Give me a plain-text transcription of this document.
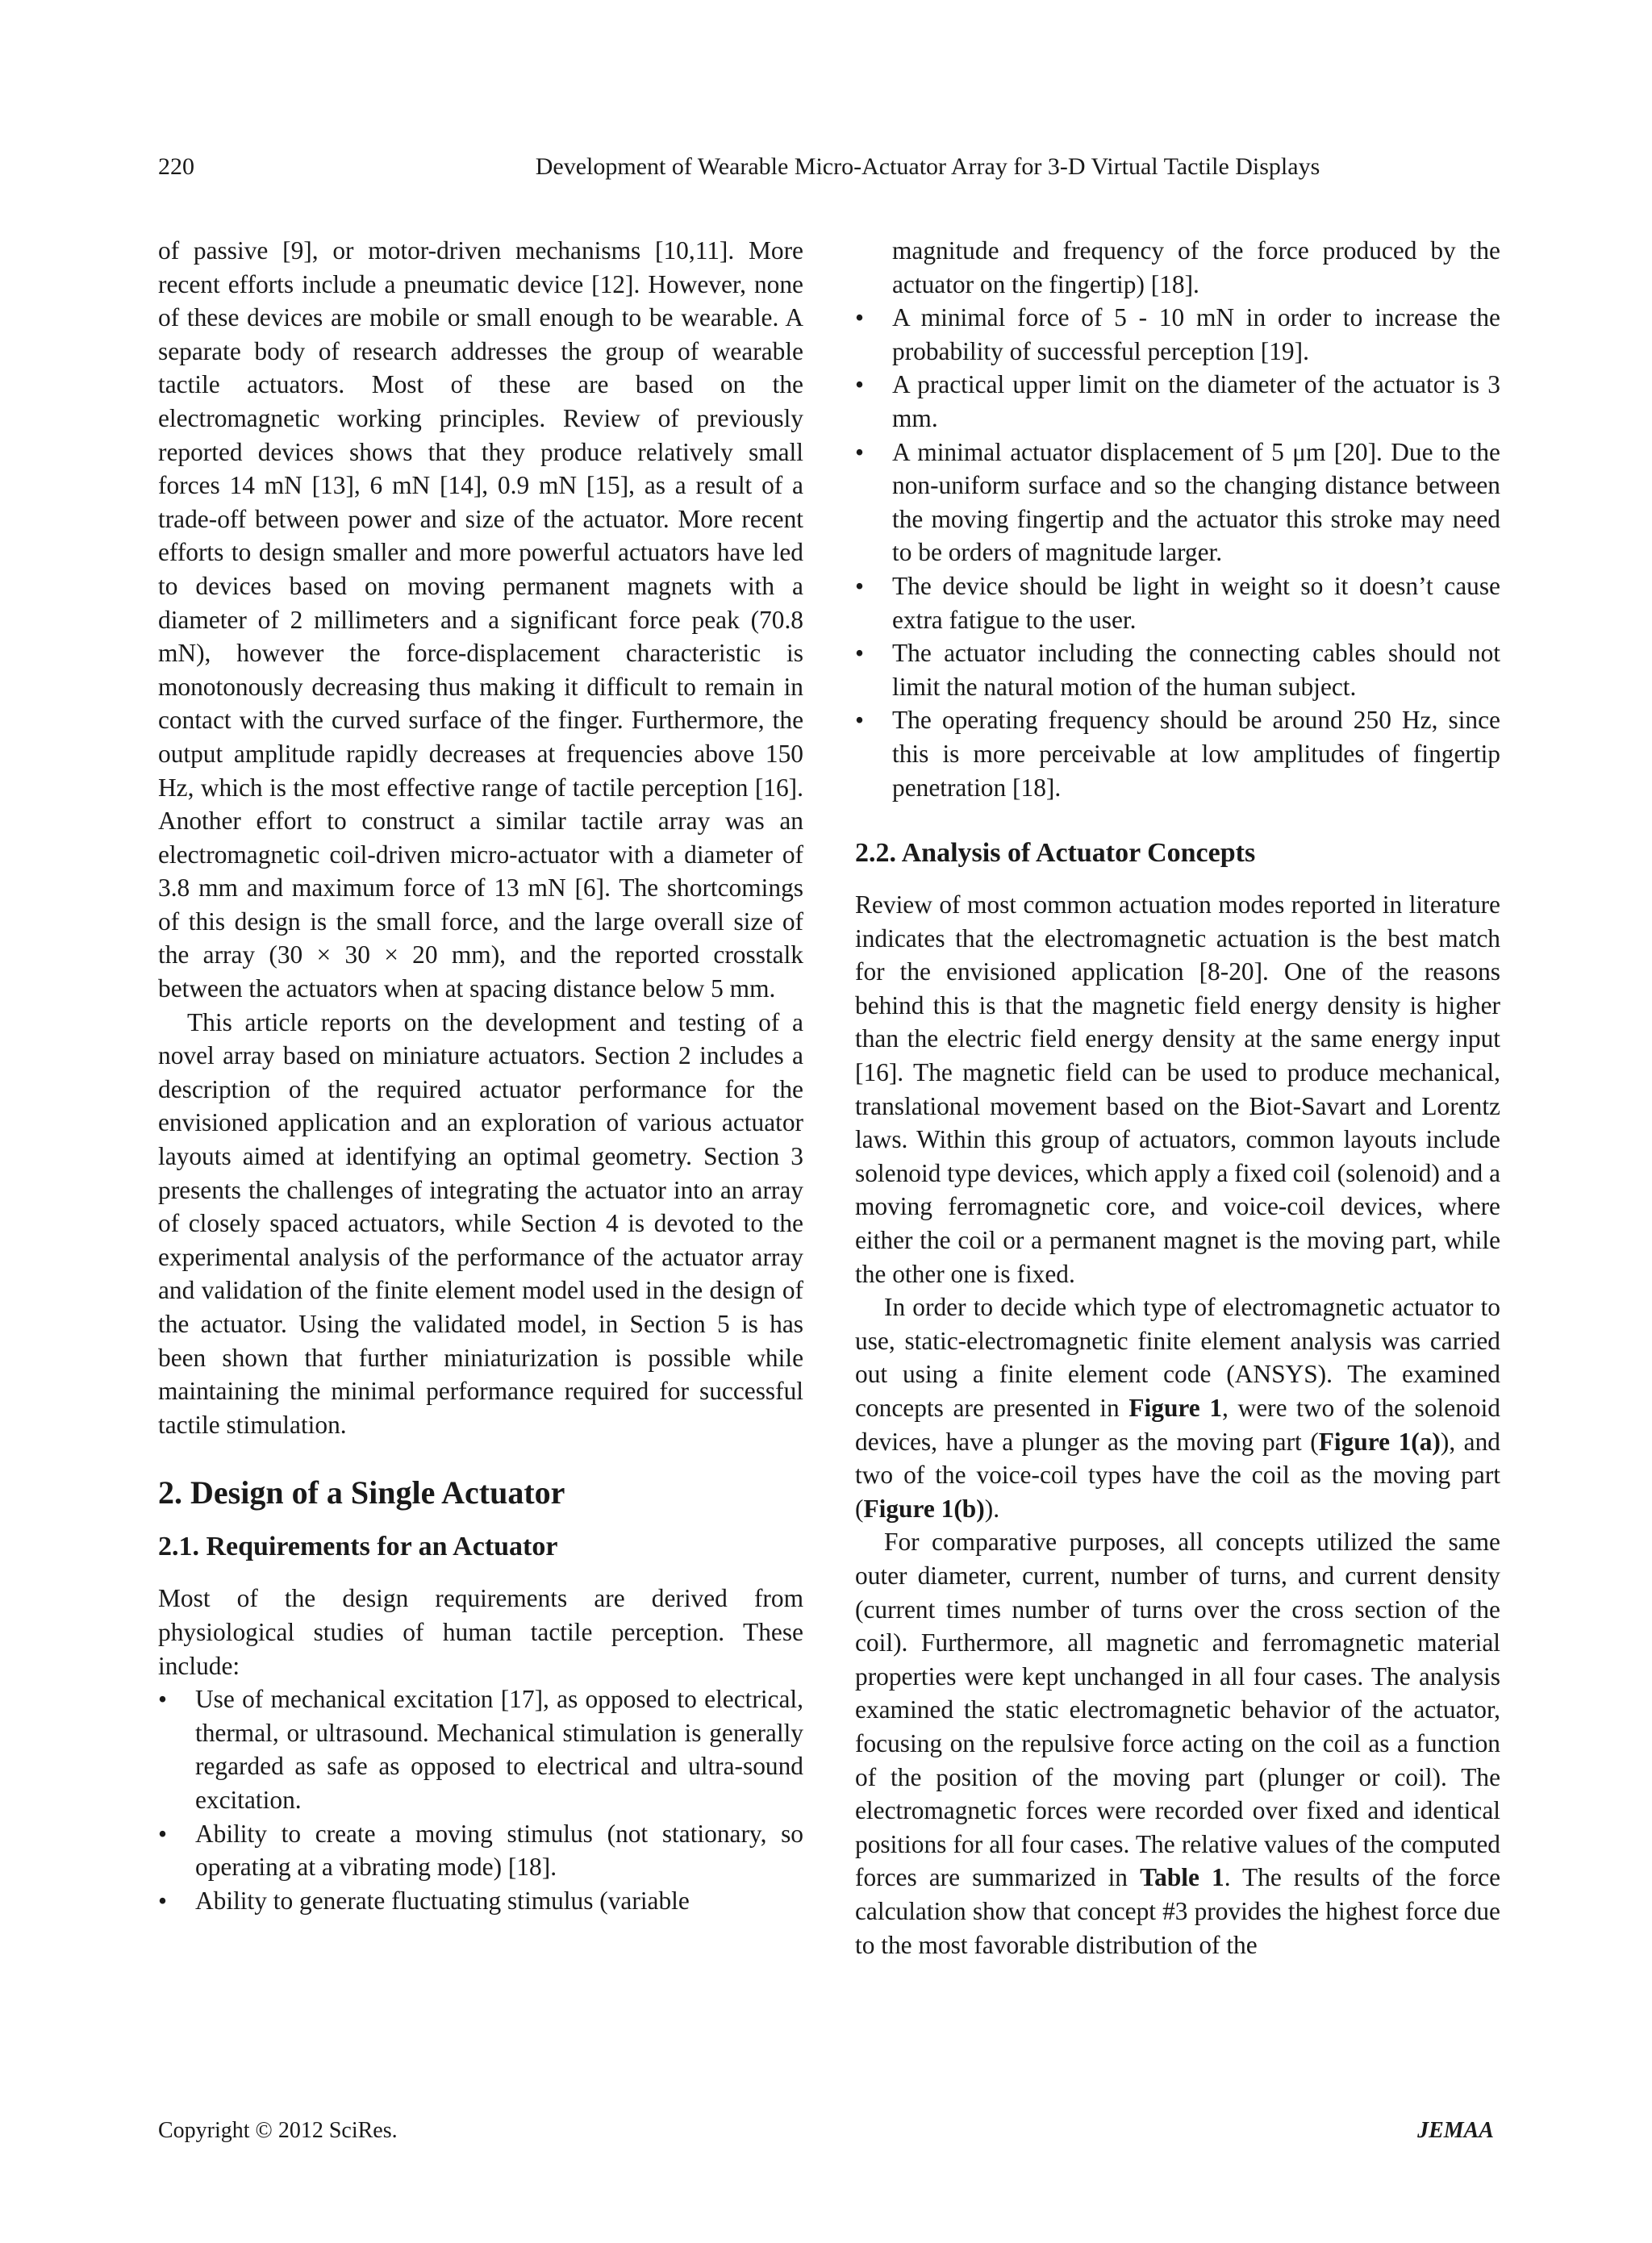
220	Development of Wearable Micro-Actuator Array for 3-D Virtual Tactile Displays

of passive [9], or motor-driven mechanisms [10,11]. More recent efforts include a pneumatic device [12]. However, none of these devices are mobile or small enough to be wearable. A separate body of research addresses the group of wearable tactile actuators. Most of these are based on the electromagnetic working principles. Review of previously reported devices shows that they produce relatively small forces 14 mN [13], 6 mN [14], 0.9 mN [15], as a result of a trade-off between power and size of the actuator. More recent efforts to design smaller and more powerful actuators have led to devices based on moving permanent magnets with a diameter of 2 millimeters and a significant force peak (70.8 mN), however the force-displacement characteristic is monotonously decreasing thus making it difficult to remain in contact with the curved surface of the finger. Furthermore, the output amplitude rapidly decreases at frequencies above 150 Hz, which is the most effective range of tactile perception [16]. Another effort to construct a similar tactile array was an electromagnetic coil-driven micro-actuator with a diameter of 3.8 mm and maximum force of 13 mN [6]. The shortcomings of this design is the small force, and the large overall size of the array (30 × 30 × 20 mm), and the reported crosstalk between the actuators when at spacing distance below 5 mm.

This article reports on the development and testing of a novel array based on miniature actuators. Section 2 includes a description of the required actuator performance for the envisioned application and an exploration of various actuator layouts aimed at identifying an optimal geometry. Section 3 presents the challenges of integrating the actuator into an array of closely spaced actuators, while Section 4 is devoted to the experimental analysis of the performance of the actuator array and validation of the finite element model used in the design of the actuator. Using the validated model, in Section 5 is has been shown that further miniaturization is possible while maintaining the minimal performance required for successful tactile stimulation.

2. Design of a Single Actuator
2.1. Requirements for an Actuator

Most of the design requirements are derived from physiological studies of human tactile perception. These include:

•	Use of mechanical excitation [17], as opposed to electrical, thermal, or ultrasound. Mechanical stimulation is generally regarded as safe as opposed to electrical and ultra-sound excitation.
•	Ability to create a moving stimulus (not stationary, so operating at a vibrating mode) [18].
•	Ability to generate fluctuating stimulus (variable

magnitude and frequency of the force produced by the actuator on the fingertip) [18].

•	A minimal force of 5 - 10 mN in order to increase the probability of successful perception [19].
•	A practical upper limit on the diameter of the actuator is 3 mm.
•	A minimal actuator displacement of 5 μm [20]. Due to the non-uniform surface and so the changing distance between the moving fingertip and the actuator this stroke may need to be orders of magnitude larger.
•	The device should be light in weight so it doesn’t cause extra fatigue to the user.
•	The actuator including the connecting cables should not limit the natural motion of the human subject.
•	The operating frequency should be around 250 Hz, since this is more perceivable at low amplitudes of fingertip penetration [18].
2.2. Analysis of Actuator Concepts

Review of most common actuation modes reported in literature indicates that the electromagnetic actuation is the best match for the envisioned application [8-20]. One of the reasons behind this is that the magnetic field energy density is higher than the electric field energy density at the same energy input [16]. The magnetic field can be used to produce mechanical, translational movement based on the Biot-Savart and Lorentz laws. Within this group of actuators, common layouts include solenoid type devices, which apply a fixed coil (solenoid) and a moving ferromagnetic core, and voice-coil devices, where either the coil or a permanent magnet is the moving part, while the other one is fixed.

In order to decide which type of electromagnetic actuator to use, static-electromagnetic finite element analysis was carried out using a finite element code (ANSYS). The examined concepts are presented in Figure 1, were two of the solenoid devices, have a plunger as the moving part (Figure 1(a)), and two of the voice-coil types have the coil as the moving part (Figure 1(b)).

For comparative purposes, all concepts utilized the same outer diameter, current, number of turns, and current density (current times number of turns over the cross section of the coil). Furthermore, all magnetic and ferromagnetic material properties were kept unchanged in all four cases. The analysis examined the static electromagnetic behavior of the actuator, focusing on the repulsive force acting on the coil as a function of the position of the moving part (plunger or coil). The electromagnetic forces were recorded over fixed and identical positions for all four cases. The relative values of the computed forces are summarized in Table 1. The results of the force calculation show that concept #3 provides the highest force due to the most favorable distribution of the

Copyright © 2012 SciRes.	JEMAA
